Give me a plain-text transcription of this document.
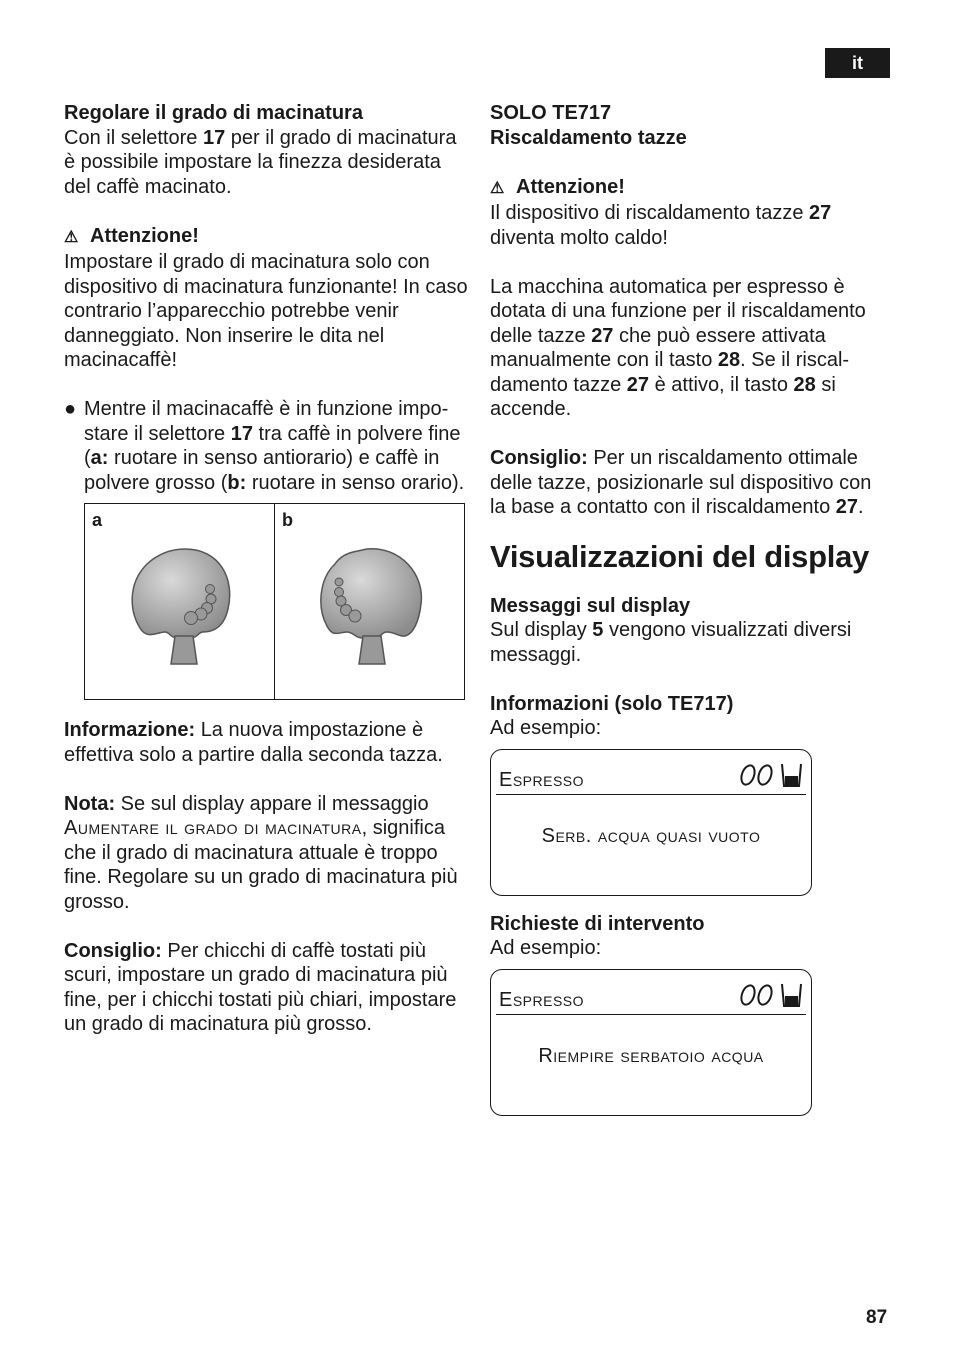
it

Regolare il grado di macinatura

Con il selettore 17 per il grado di macinatura è possibile impostare la finezza desiderata del caffè macinato.

⚠ Attenzione!

Impostare il grado di macinatura solo con dispositivo di macinatura funzionante! In caso contrario l’apparecchio potrebbe venir danneggiato. Non inserire le dita nel macinacaffè!

● Mentre il macinacaffè è in funzione impostare il selettore 17 tra caffè in polvere fine (a: ruotare in senso antiorario) e caffè in polvere grosso (b: ruotare in senso orario).
a	b

Informazione: La nuova impostazione è effettiva solo a partire dalla seconda tazza.

Nota: Se sul display appare il messaggio
Aumentare il grado di macinatura, significa che il grado di macinatura attuale è troppo fine. Regolare su un grado di macinatura più grosso.

Consiglio: Per chicchi di caffè tostati più scuri, impostare un grado di macinatura più fine, per i chicchi tostati più chiari, impostare un grado di macinatura più grosso.

SOLO TE717

Riscaldamento tazze

⚠ Attenzione!

Il dispositivo di riscaldamento tazze 27 diventa molto caldo!

La macchina automatica per espresso è dotata di una funzione per il riscaldamento delle tazze 27 che può essere attivata manualmente con il tasto 28. Se il riscaldamento tazze 27 è attivo, il tasto 28 si accende.

Consiglio: Per un riscaldamento ottimale delle tazze, posizionarle sul dispositivo con la base a contatto con il riscaldamento 27.

Visualizzazioni del display

Messaggi sul display

Sul display 5 vengono visualizzati diversi messaggi.

Informazioni (solo TE717)

Ad esempio:

Espresso
Serb. acqua quasi vuoto

Richieste di intervento

Ad esempio:

Espresso
Riempire serbatoio acqua
87
